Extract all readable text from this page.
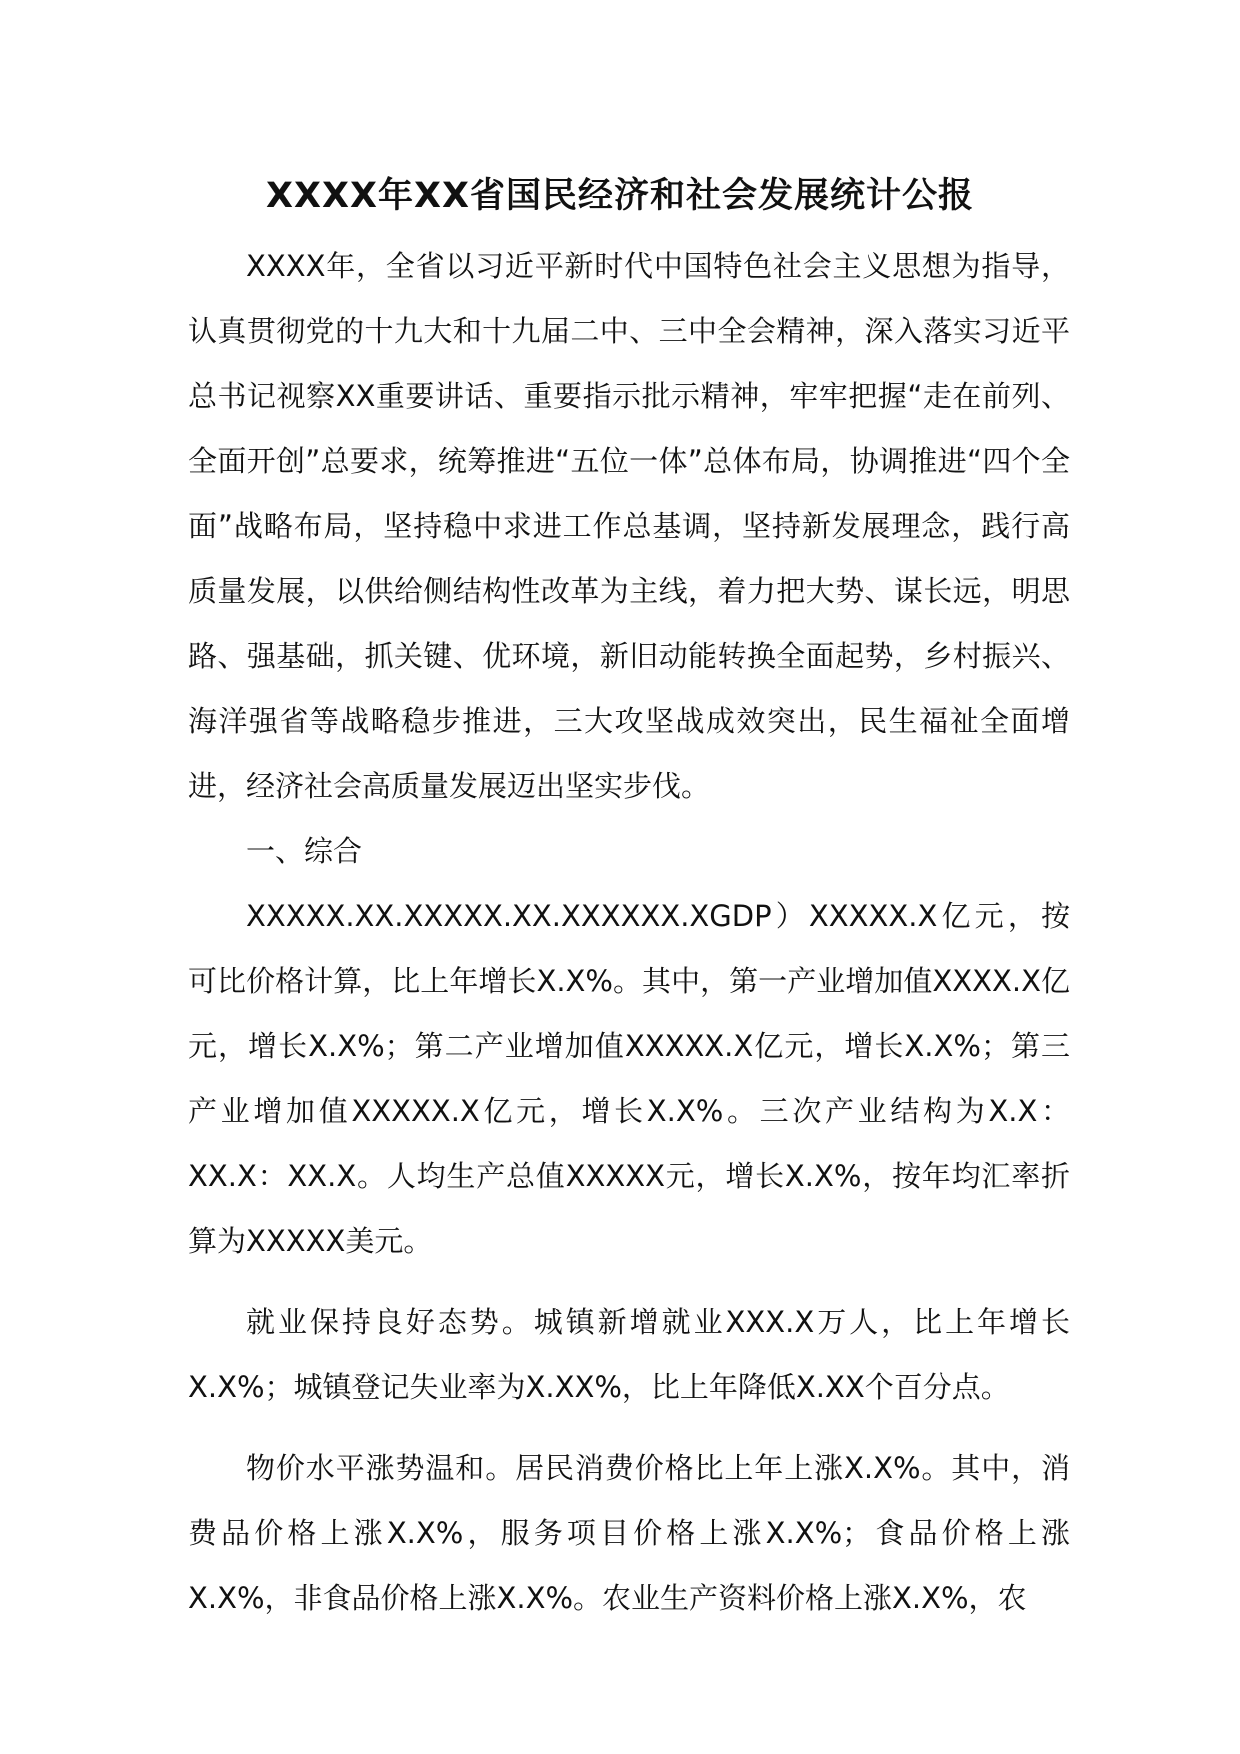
XXXX年XX省国民经济和社会发展统计公报

XXXX年，全省以习近平新时代中国特色社会主义思想为指导，认真贯彻党的十九大和十九届二中、三中全会精神，深入落实习近平总书记视察XX重要讲话、重要指示批示精神，牢牢把握“走在前列、全面开创”总要求，统筹推进“五位一体”总体布局，协调推进“四个全面”战略布局，坚持稳中求进工作总基调，坚持新发展理念，践行高质量发展，以供给侧结构性改革为主线，着力把大势、谋长远，明思路、强基础，抓关键、优环境，新旧动能转换全面起势，乡村振兴、海洋强省等战略稳步推进，三大攻坚战成效突出，民生福祉全面增进，经济社会高质量发展迈出坚实步伐。

一、综合

XXXXX.XX.XXXXX.XX.XXXXXX.XGDP）XXXXX.X亿元，按可比价格计算，比上年增长X.X%。其中，第一产业增加值XXXX.X亿元，增长X.X%；第二产业增加值XXXXX.X亿元，增长X.X%；第三产业增加值XXXXX.X亿元，增长X.X%。三次产业结构为X.X：XX.X：XX.X。人均生产总值XXXXX元，增长X.X%，按年均汇率折算为XXXXX美元。

就业保持良好态势。城镇新增就业XXX.X万人，比上年增长X.X%；城镇登记失业率为X.XX%，比上年降低X.XX个百分点。

物价水平涨势温和。居民消费价格比上年上涨X.X%。其中，消费品价格上涨X.X%，服务项目价格上涨X.X%；食品价格上涨X.X%，非食品价格上涨X.X%。农业生产资料价格上涨X.X%，农
